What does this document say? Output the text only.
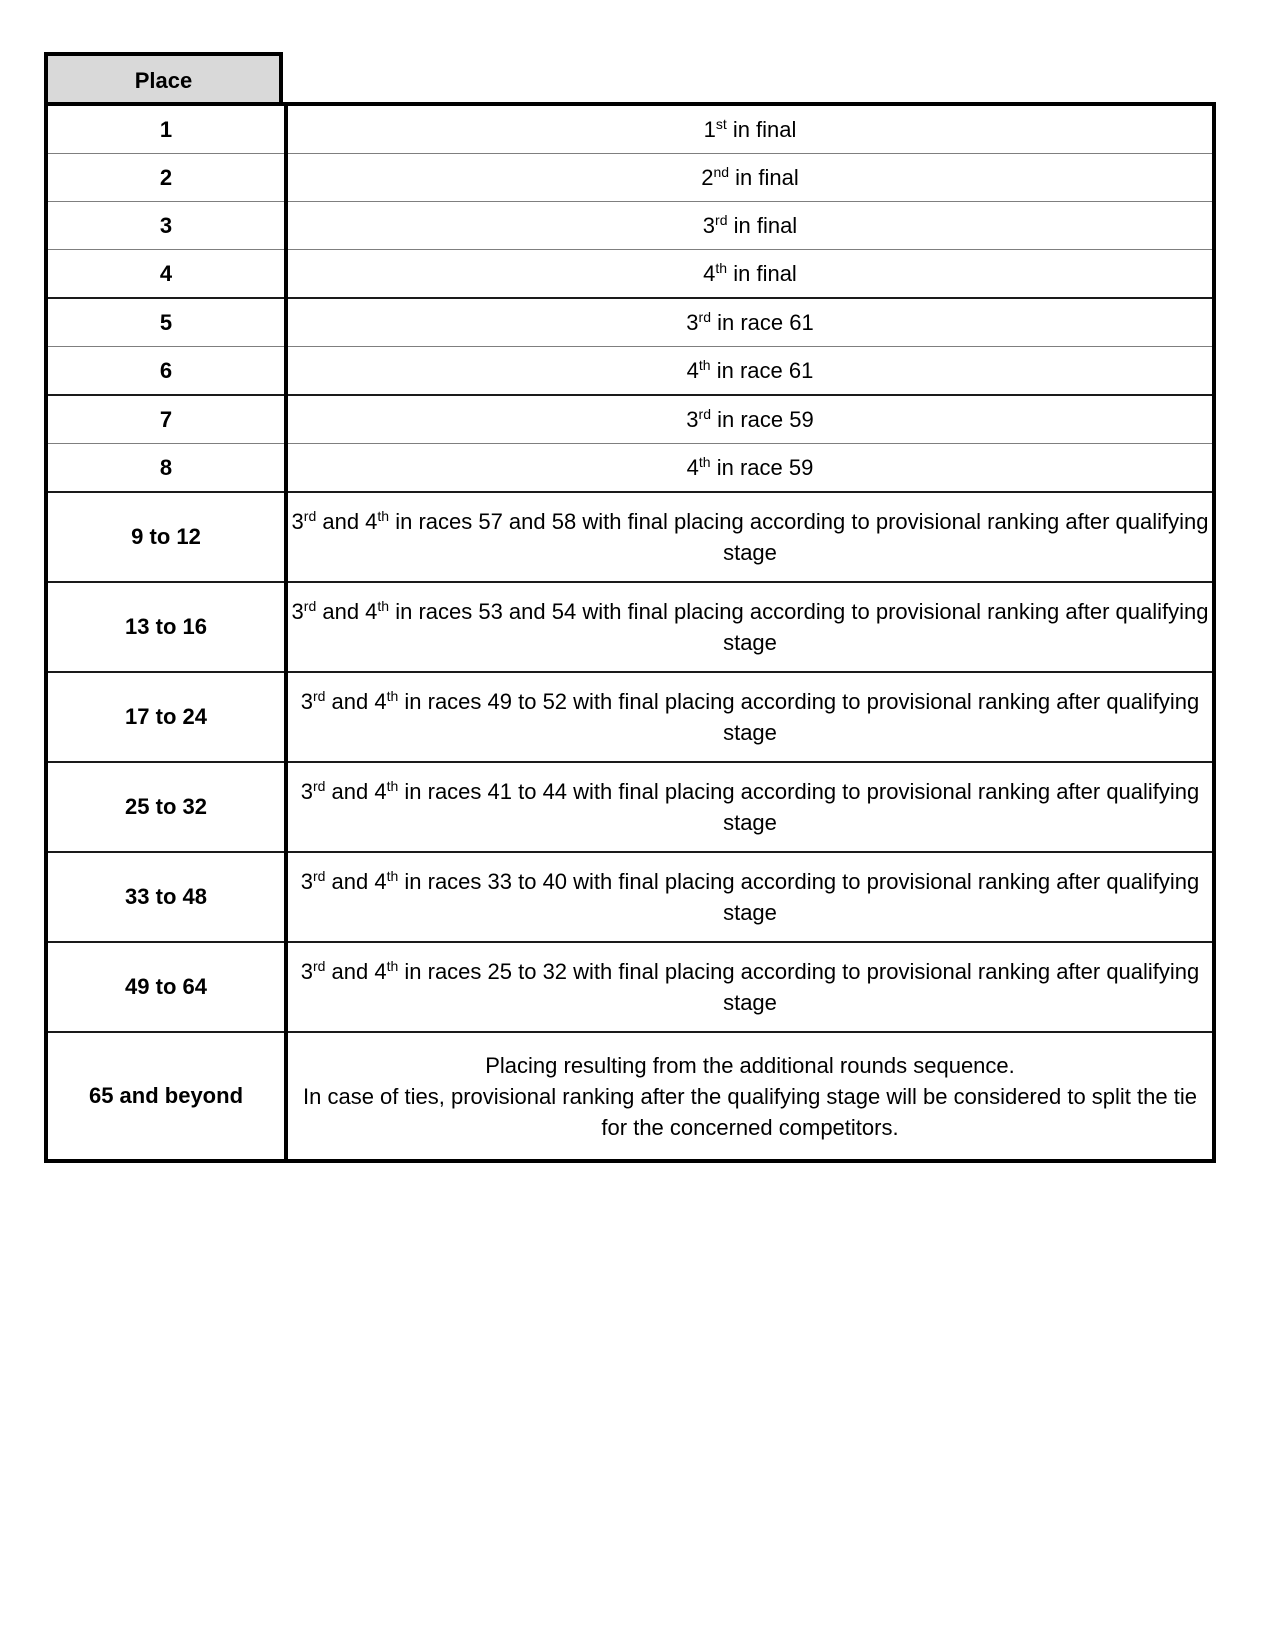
Place
1	1st in final
2	2nd in final
3	3rd in final
4	4th in final
5	3rd in race 61
6	4th in race 61
7	3rd in race 59
8	4th in race 59
9 to 12	3rd and 4th in races 57 and 58 with final placing according to provisional ranking after qualifying stage
13 to 16	3rd and 4th in races 53 and 54 with final placing according to provisional ranking after qualifying stage
17 to 24	3rd and 4th in races 49 to 52 with final placing according to provisional ranking after qualifying stage
25 to 32	3rd and 4th in races 41 to 44 with final placing according to provisional ranking after qualifying stage
33 to 48	3rd and 4th in races 33 to 40 with final placing according to provisional ranking after qualifying stage
49 to 64	3rd and 4th in races 25 to 32 with final placing according to provisional ranking after qualifying stage
65 and beyond	Placing resulting from the additional rounds sequence.
In case of ties, provisional ranking after the qualifying stage will be considered to split the tie for the concerned competitors.
